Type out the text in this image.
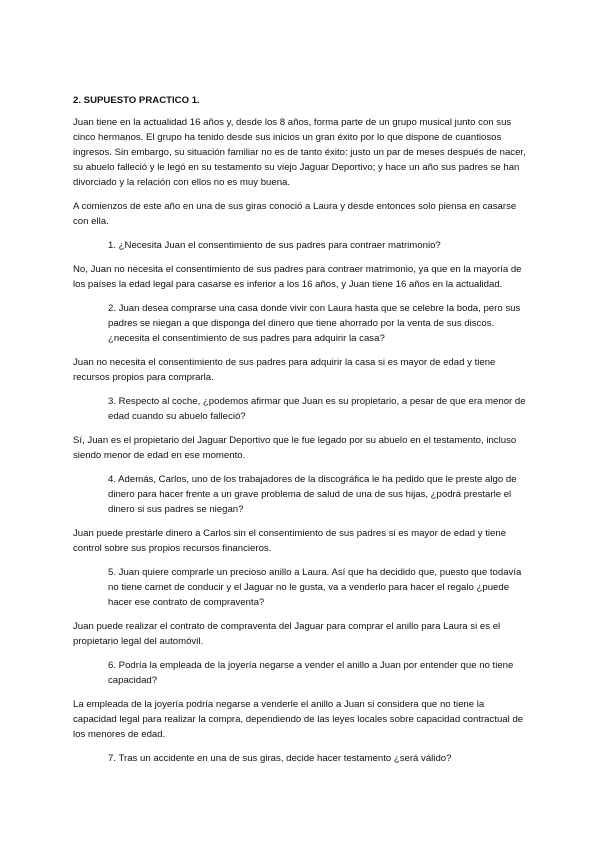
2. SUPUESTO PRACTICO 1.

Juan tiene en la actualidad 16 años y, desde los 8 años, forma parte de un grupo musical junto con sus cinco hermanos. El grupo ha tenido desde sus inicios un gran éxito por lo que dispone de cuantiosos ingresos. Sin embargo, su situación familiar no es de tanto éxito: justo un par de meses después de nacer, su abuelo falleció y le legó en su testamento su viejo Jaguar Deportivo; y hace un año sus padres se han divorciado y la relación con ellos no es muy buena.

A comienzos de este año en una de sus giras conoció a Laura y desde entonces solo piensa en casarse con ella.

1. ¿Necesita Juan el consentimiento de sus padres para contraer matrimonio?

No, Juan no necesita el consentimiento de sus padres para contraer matrimonio, ya que en la mayoría de los países la edad legal para casarse es inferior a los 16 años, y Juan tiene 16 años en la actualidad.

2. Juan desea comprarse una casa donde vivir con Laura hasta que se celebre la boda, pero sus padres se niegan a que disponga del dinero que tiene ahorrado por la venta de sus discos. ¿necesita el consentimiento de sus padres para adquirir la casa?

Juan no necesita el consentimiento de sus padres para adquirir la casa si es mayor de edad y tiene recursos propios para comprarla.

3. Respecto al coche, ¿podemos afirmar que Juan es su propietario, a pesar de que era menor de edad cuando su abuelo falleció?

Sí, Juan es el propietario del Jaguar Deportivo que le fue legado por su abuelo en el testamento, incluso siendo menor de edad en ese momento.

4. Además, Carlos, uno de los trabajadores de la discográfica le ha pedido que le preste algo de dinero para hacer frente a un grave problema de salud de una de sus hijas, ¿podrá prestarle el dinero si sus padres se niegan?

Juan puede prestarle dinero a Carlos sin el consentimiento de sus padres si es mayor de edad y tiene control sobre sus propios recursos financieros.

5. Juan quiere comprarle un precioso anillo a Laura. Así que ha decidido que, puesto que todavía no tiene carnet de conducir y el Jaguar no le gusta, va a venderlo para hacer el regalo ¿puede hacer ese contrato de compraventa?

Juan puede realizar el contrato de compraventa del Jaguar para comprar el anillo para Laura si es el propietario legal del automóvil.

6. Podría la empleada de la joyería negarse a vender el anillo a Juan por entender que no tiene capacidad?

La empleada de la joyería podría negarse a venderle el anillo a Juan si considera que no tiene la capacidad legal para realizar la compra, dependiendo de las leyes locales sobre capacidad contractual de los menores de edad.

7. Tras un accidente en una de sus giras, decide hacer testamento ¿será válido?
